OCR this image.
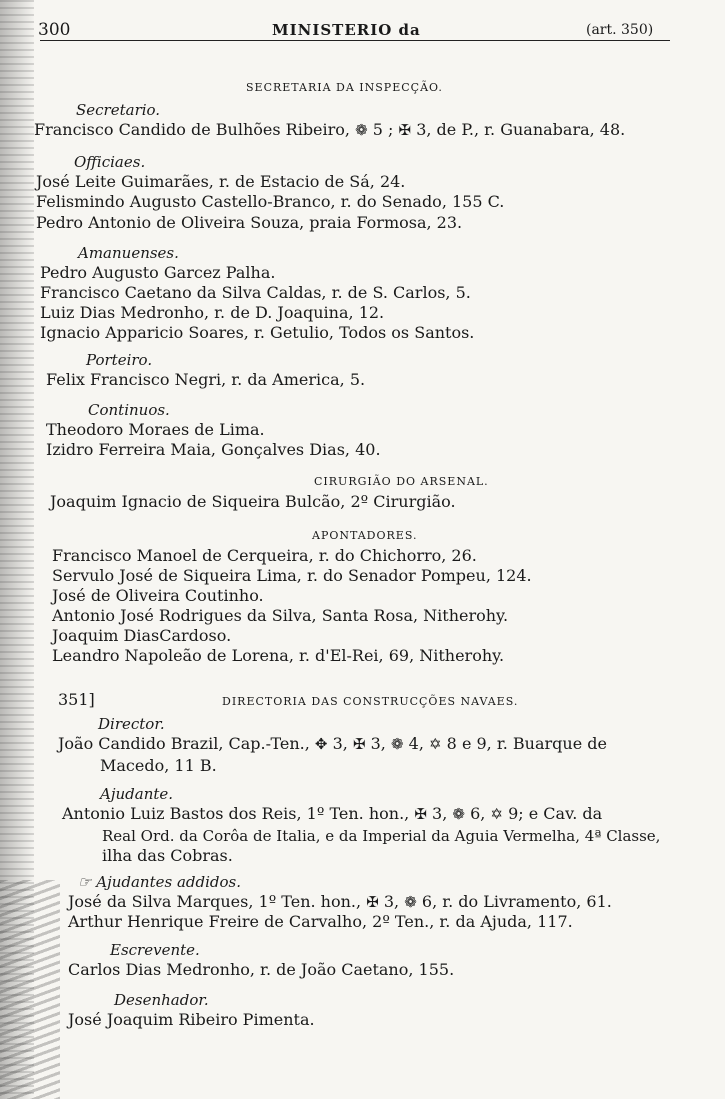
300	MINISTERIO da	(art. 350)
SECRETARIA DA INSPECÇÃO.
Secretario.
Francisco Candido de Bulhões Ribeiro, ❁ 5 ; ✠ 3, de P., r. Guanabara, 48.
Officiaes.
José Leite Guimarães, r. de Estacio de Sá, 24.
Felismindo Augusto Castello-Branco, r. do Senado, 155 C.
Pedro Antonio de Oliveira Souza, praia Formosa, 23.
Amanuenses.
Pedro Augusto Garcez Palha.
Francisco Caetano da Silva Caldas, r. de S. Carlos, 5.
Luiz Dias Medronho, r. de D. Joaquina, 12.
Ignacio Apparicio Soares, r. Getulio, Todos os Santos.
Porteiro.
Felix Francisco Negri, r. da America, 5.
Continuos.
Theodoro Moraes de Lima.
Izidro Ferreira Maia, Gonçalves Dias, 40.
CIRURGIÃO DO ARSENAL.
Joaquim Ignacio de Siqueira Bulcão, 2º Cirurgião.
APONTADORES.
Francisco Manoel de Cerqueira, r. do Chichorro, 26.
Servulo José de Siqueira Lima, r. do Senador Pompeu, 124.
José de Oliveira Coutinho.
Antonio José Rodrigues da Silva, Santa Rosa, Nitherohy.
Joaquim DiasCardoso.
Leandro Napoleão de Lorena, r. d'El-Rei, 69, Nitherohy.
351]	DIRECTORIA DAS CONSTRUCÇÕES NAVAES.
Director.
João Candido Brazil, Cap.-Ten., ✥ 3, ✠ 3, ❁ 4, ✡ 8 e 9, r. Buarque de
Macedo, 11 B.
Ajudante.
Antonio Luiz Bastos dos Reis, 1º Ten. hon., ✠ 3, ❁ 6, ✡ 9; e Cav. da
Real Ord. da Corôa de Italia, e da Imperial da Aguia Vermelha, 4ª Classe,
ilha das Cobras.
☞ Ajudantes addidos.
José da Silva Marques, 1º Ten. hon., ✠ 3, ❁ 6, r. do Livramento, 61.
Arthur Henrique Freire de Carvalho, 2º Ten., r. da Ajuda, 117.
Escrevente.
Carlos Dias Medronho, r. de João Caetano, 155.
Desenhador.
José Joaquim Ribeiro Pimenta.
